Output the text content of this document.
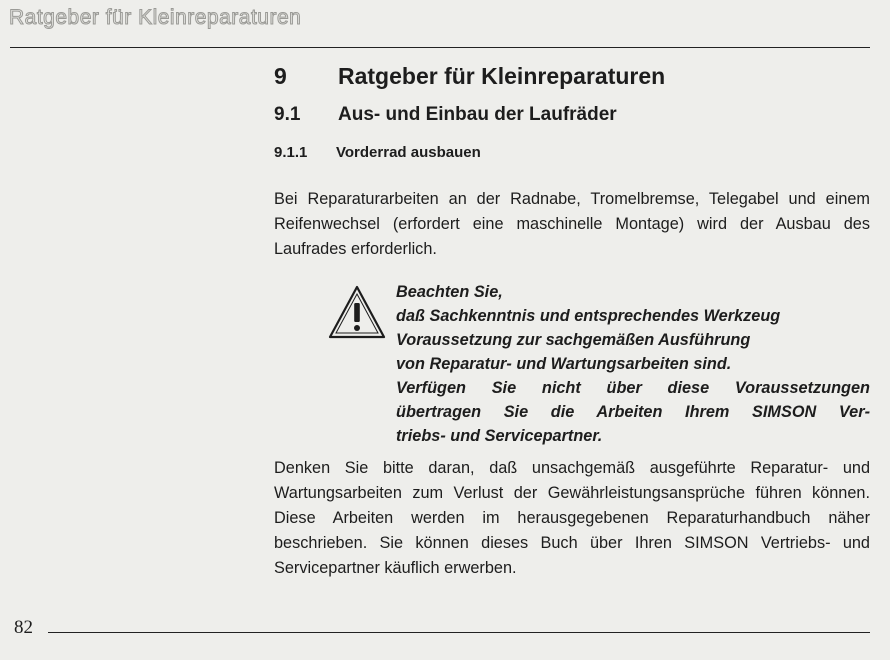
Ratgeber für Kleinreparaturen
9 Ratgeber für Kleinreparaturen
9.1 Aus- und Einbau der Laufräder
9.1.1 Vorderrad ausbauen

Bei Reparaturarbeiten an der Radnabe, Tromelbremse, Telegabel und einem Reifenwechsel (erfordert eine maschinelle Montage) wird der Ausbau des Laufrades erforderlich.

Beachten Sie,
daß Sachkenntnis und entsprechendes Werkzeug
Voraussetzung zur sachgemäßen Ausführung
von Reparatur- und Wartungsarbeiten sind.
Verfügen Sie nicht über diese Voraussetzungen
übertragen Sie die Arbeiten Ihrem SIMSON Ver-
triebs- und Servicepartner.

Denken Sie bitte daran, daß unsachgemäß ausgeführte Reparatur- und Wartungsarbeiten zum Verlust der Gewährleistungsansprüche führen können. Diese Arbeiten werden im herausgegebenen Reparaturhandbuch näher beschrieben. Sie können dieses Buch über Ihren SIMSON Vertriebs- und Servicepartner käuflich erwerben.

82
